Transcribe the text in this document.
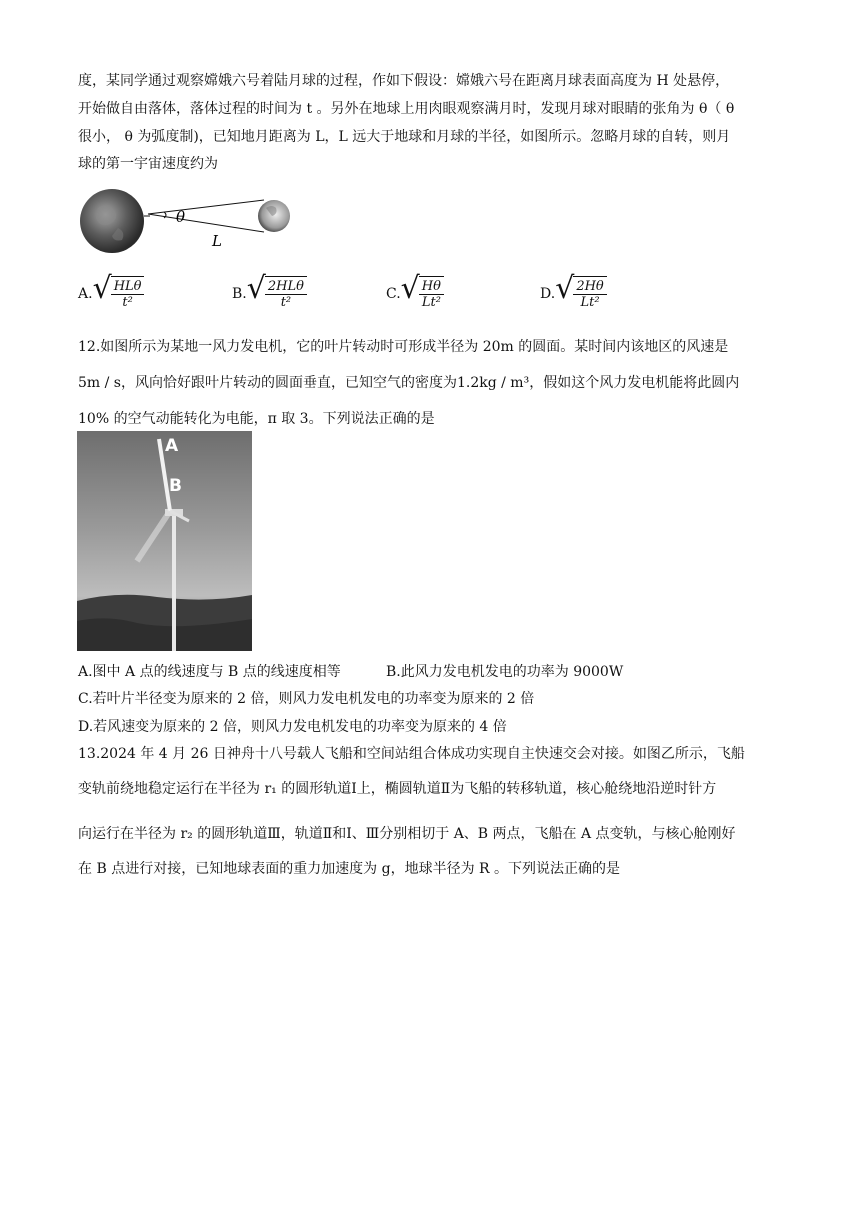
度，某同学通过观察嫦娥六号着陆月球的过程，作如下假设：嫦娥六号在距离月球表面高度为 H 处悬停，
开始做自由落体，落体过程的时间为 t 。另外在地球上用肉眼观察满月时，发现月球对眼睛的张角为 θ（ θ
很小， θ 为弧度制)，已知地月距离为 L，L 远大于地球和月球的半径，如图所示。忽略月球的自转，则月
球的第一宇宙速度约为
θ
L
A. √ $\frac{\text{HLθ}}{\text{t²}}$	B. √ $\frac{\text{2HLθ}}{\text{t²}}$	C. √ $\frac{H\theta}{\text{Lt²}}$	D. √ $\frac{2H\theta}{\text{Lt²}}$
12.如图所示为某地一风力发电机，它的叶片转动时可形成半径为 20m 的圆面。某时间内该地区的风速是
5m / s，风向恰好跟叶片转动的圆面垂直，已知空气的密度为1.2kg / m³，假如这个风力发电机能将此圆内
10% 的空气动能转化为电能，π 取 3。下列说法正确的是
A
B
A.图中 A 点的线速度与 B 点的线速度相等	B.此风力发电机发电的功率为 9000W
C.若叶片半径变为原来的 2 倍，则风力发电机发电的功率变为原来的 2 倍
D.若风速变为原来的 2 倍，则风力发电机发电的功率变为原来的 4 倍
13.2024 年 4 月 26 日神舟十八号载人飞船和空间站组合体成功实现自主快速交会对接。如图乙所示，飞船
变轨前绕地稳定运行在半径为 r₁ 的圆形轨道Ⅰ上，椭圆轨道Ⅱ为飞船的转移轨道，核心舱绕地沿逆时针方
向运行在半径为 r₂ 的圆形轨道Ⅲ，轨道Ⅱ和Ⅰ、Ⅲ分别相切于 A、B 两点，飞船在 A 点变轨，与核心舱刚好
在 B 点进行对接，已知地球表面的重力加速度为 g，地球半径为 R 。下列说法正确的是
